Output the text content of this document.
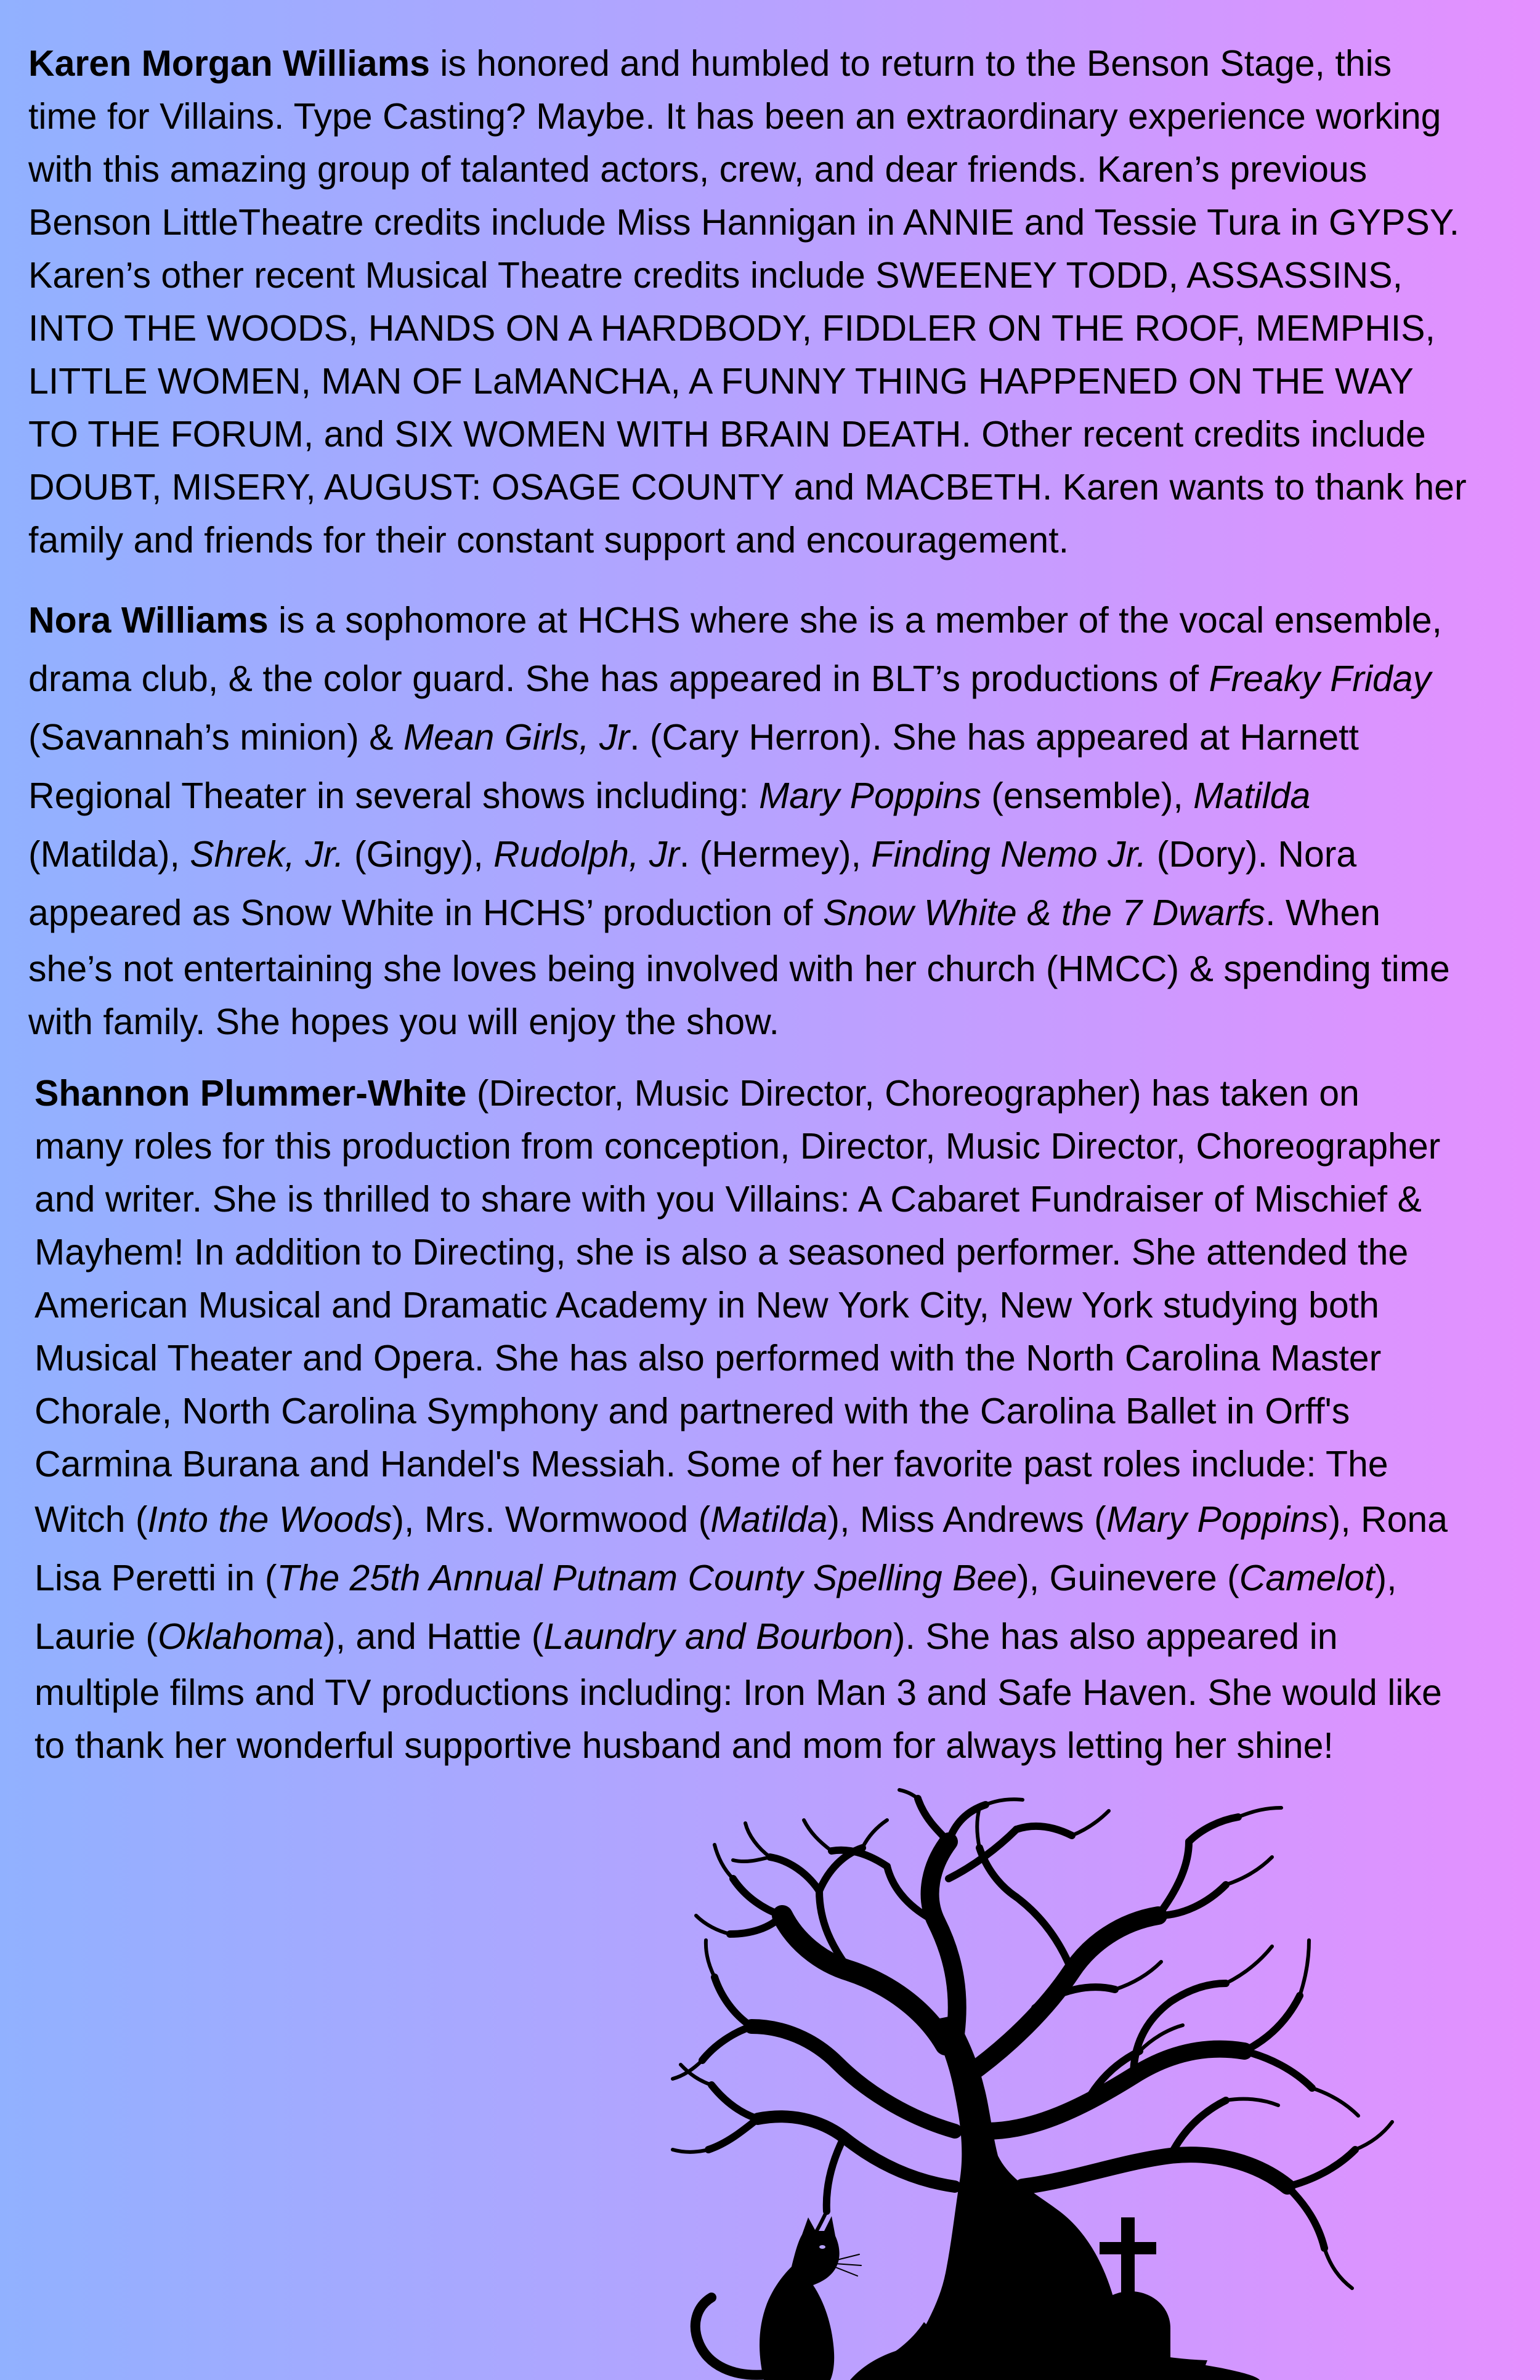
Karen Morgan Williams is honored and humbled to return to the Benson Stage, this
time for Villains. Type Casting? Maybe. It has been an extraordinary experience working
with this amazing group of talanted actors, crew, and dear friends. Karen’s previous
Benson LittleTheatre credits include Miss Hannigan in ANNIE and Tessie Tura in GYPSY.
Karen’s other recent Musical Theatre credits include SWEENEY TODD, ASSASSINS,
INTO THE WOODS, HANDS ON A HARDBODY, FIDDLER ON THE ROOF, MEMPHIS,
LITTLE WOMEN, MAN OF LaMANCHA, A FUNNY THING HAPPENED ON THE WAY
TO THE FORUM, and SIX WOMEN WITH BRAIN DEATH. Other recent credits include
DOUBT, MISERY, AUGUST: OSAGE COUNTY and MACBETH. Karen wants to thank her
family and friends for their constant support and encouragement.
Nora Williams is a sophomore at HCHS where she is a member of the vocal ensemble,
drama club, & the color guard. She has appeared in BLT’s productions of Freaky Friday
(Savannah’s minion) & Mean Girls, Jr. (Cary Herron). She has appeared at Harnett
Regional Theater in several shows including: Mary Poppins (ensemble), Matilda
(Matilda), Shrek, Jr. (Gingy), Rudolph, Jr. (Hermey), Finding Nemo Jr. (Dory). Nora
appeared as Snow White in HCHS’ production of Snow White & the 7 Dwarfs. When
she’s not entertaining she loves being involved with her church (HMCC) & spending time
with family. She hopes you will enjoy the show.
Shannon Plummer-White (Director, Music Director, Choreographer) has taken on
many roles for this production from conception, Director, Music Director, Choreographer
and writer. She is thrilled to share with you Villains: A Cabaret Fundraiser of Mischief &
Mayhem! In addition to Directing, she is also a seasoned performer. She attended the
American Musical and Dramatic Academy in New York City, New York studying both
Musical Theater and Opera. She has also performed with the North Carolina Master
Chorale, North Carolina Symphony and partnered with the Carolina Ballet in Orff's
Carmina Burana and Handel's Messiah. Some of her favorite past roles include: The
Witch (Into the Woods), Mrs. Wormwood (Matilda), Miss Andrews (Mary Poppins), Rona
Lisa Peretti in (The 25th Annual Putnam County Spelling Bee), Guinevere (Camelot),
Laurie (Oklahoma), and Hattie (Laundry and Bourbon). She has also appeared in
multiple films and TV productions including: Iron Man 3 and Safe Haven. She would like
to thank her wonderful supportive husband and mom for always letting her shine!
